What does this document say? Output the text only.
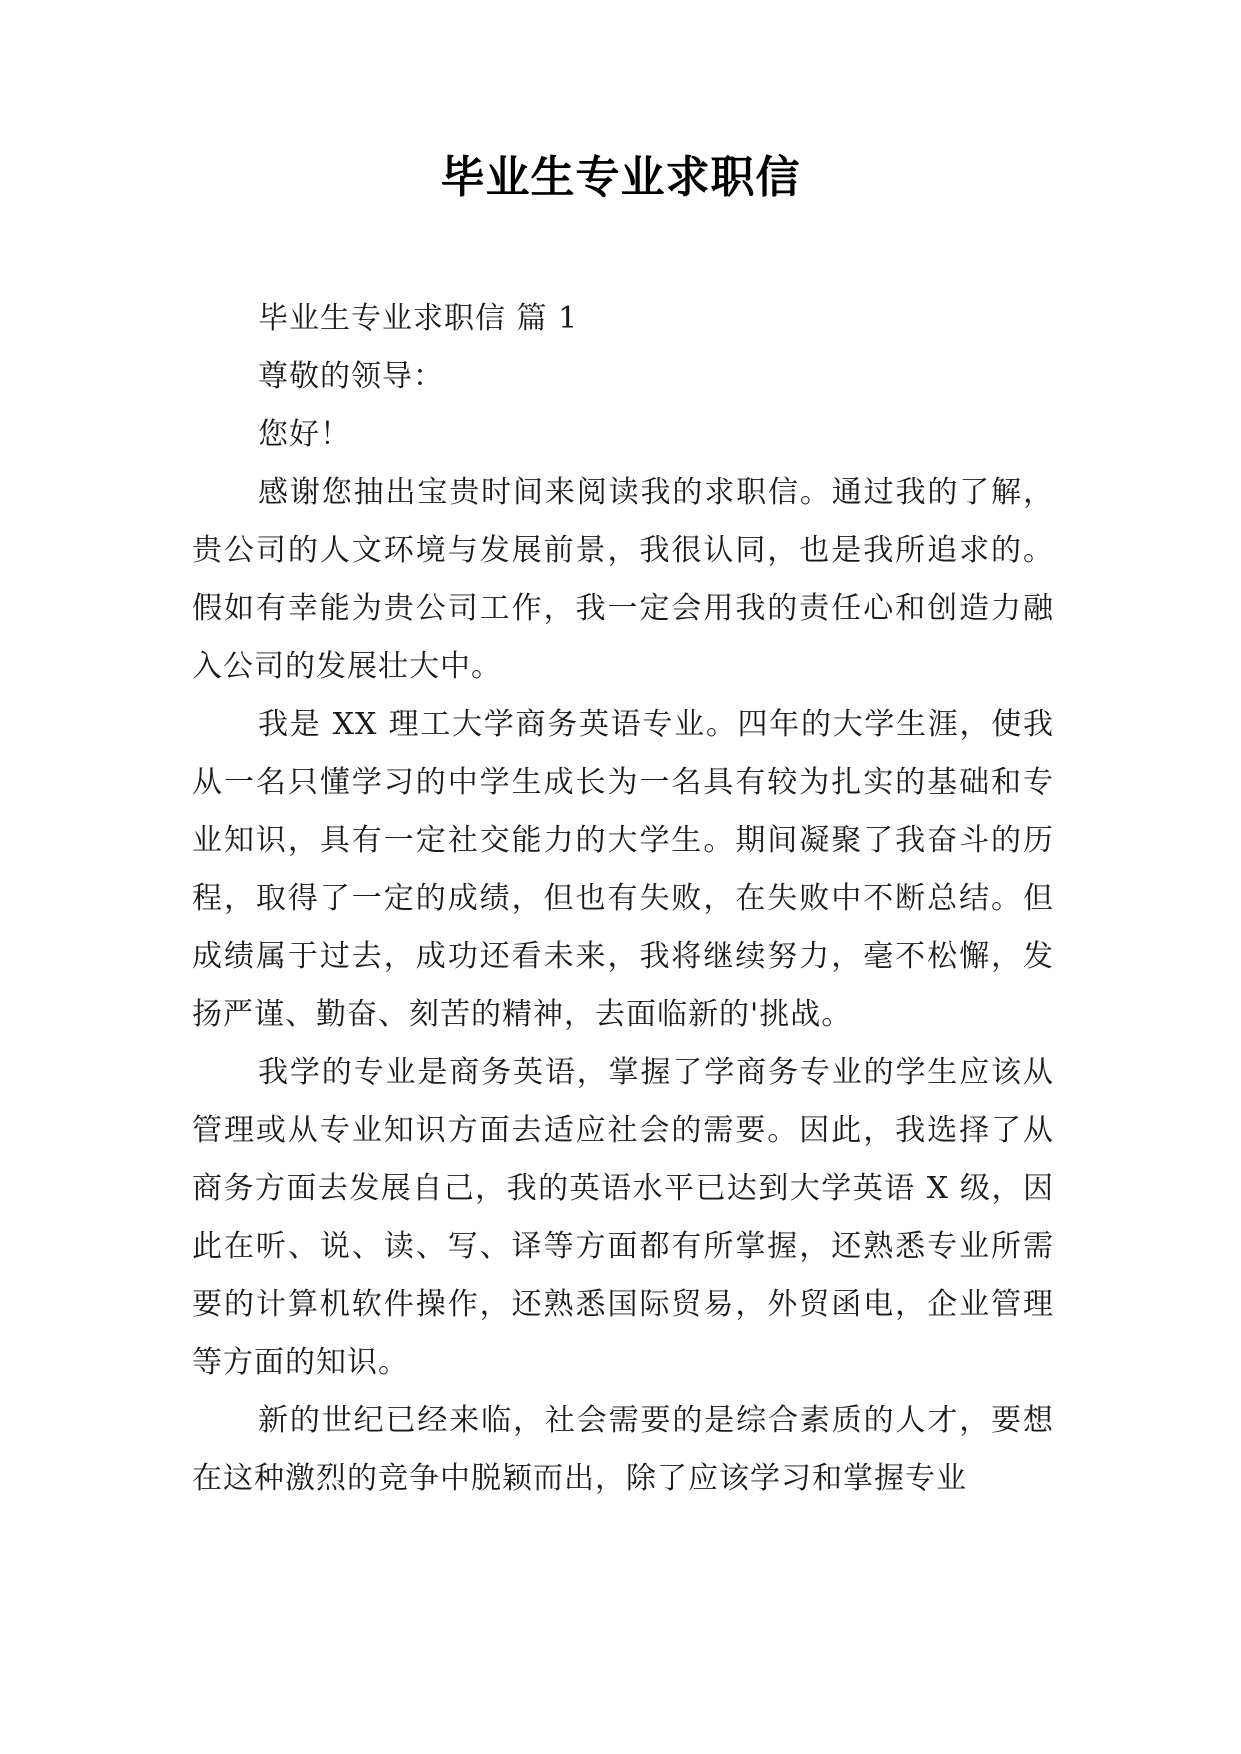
毕业生专业求职信

毕业生专业求职信 篇 1

尊敬的领导：

您好！

感谢您抽出宝贵时间来阅读我的求职信。通过我的了解，贵公司的人文环境与发展前景，我很认同，也是我所追求的。假如有幸能为贵公司工作，我一定会用我的责任心和创造力融入公司的发展壮大中。

我是 XX 理工大学商务英语专业。四年的大学生涯，使我从一名只懂学习的中学生成长为一名具有较为扎实的基础和专业知识，具有一定社交能力的大学生。期间凝聚了我奋斗的历程，取得了一定的成绩，但也有失败，在失败中不断总结。但成绩属于过去，成功还看未来，我将继续努力，毫不松懈，发扬严谨、勤奋、刻苦的精神，去面临新的'挑战。

我学的专业是商务英语，掌握了学商务专业的学生应该从管理或从专业知识方面去适应社会的需要。因此，我选择了从商务方面去发展自己，我的英语水平已达到大学英语 X 级，因此在听、说、读、写、译等方面都有所掌握，还熟悉专业所需要的计算机软件操作，还熟悉国际贸易，外贸函电，企业管理等方面的知识。

新的世纪已经来临，社会需要的是综合素质的人才，要想在这种激烈的竞争中脱颖而出，除了应该学习和掌握专业
